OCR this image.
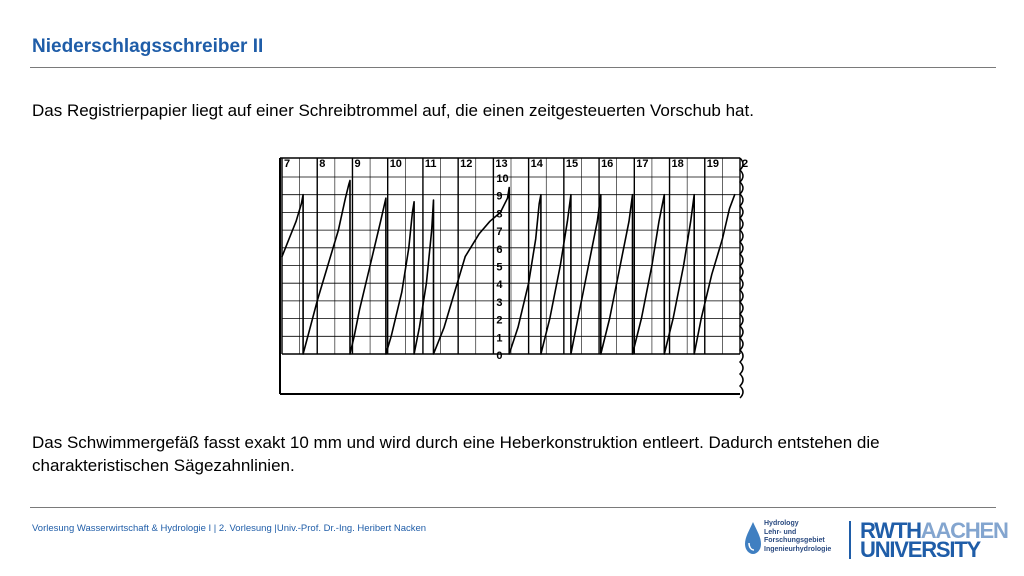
Niederschlagsschreiber II
Das Registrierpapier liegt auf einer Schreibtrommel auf, die einen zeitgesteuerten Vorschub hat.
7	8	9	10 11 12 13 14 15 16 17 18 19 2
10
9
8
7
6
5
4
3
2
1
0
Das Schwimmergefäß fasst exakt 10 mm und wird durch eine Heberkonstruktion entleert. Dadurch entstehen die charakteristischen Sägezahnlinien.
Vorlesung Wasserwirtschaft & Hydrologie I | 2. Vorlesung |Univ.-Prof. Dr.-Ing. Heribert Nacken	Hydrology
Lehr- und
Forschungsgebiet
Ingenieurhydrologie
RWTHAACHEN
UNIVERSITY
